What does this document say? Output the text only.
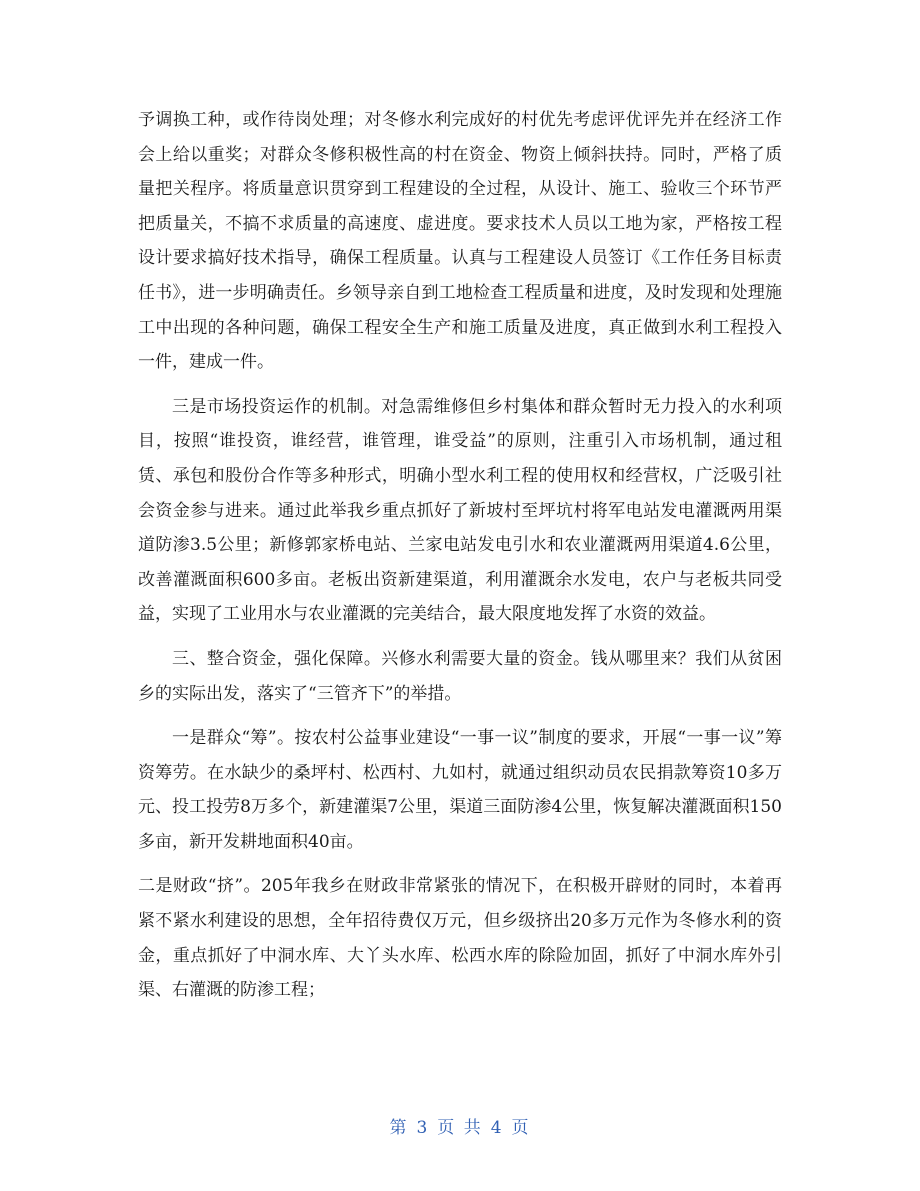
予调换工种，或作待岗处理；对冬修水利完成好的村优先考虑评优评先并在经济工作会上给以重奖；对群众冬修积极性高的村在资金、物资上倾斜扶持。同时，严格了质量把关程序。将质量意识贯穿到工程建设的全过程，从设计、施工、验收三个环节严把质量关，不搞不求质量的高速度、虚进度。要求技术人员以工地为家，严格按工程设计要求搞好技术指导，确保工程质量。认真与工程建设人员签订《工作任务目标责任书》，进一步明确责任。乡领导亲自到工地检查工程质量和进度，及时发现和处理施工中出现的各种问题，确保工程安全生产和施工质量及进度，真正做到水利工程投入一件，建成一件。

三是市场投资运作的机制。对急需维修但乡村集体和群众暂时无力投入的水利项目，按照“谁投资，谁经营，谁管理，谁受益”的原则，注重引入市场机制，通过租赁、承包和股份合作等多种形式，明确小型水利工程的使用权和经营权，广泛吸引社会资金参与进来。通过此举我乡重点抓好了新坡村至坪坑村将军电站发电灌溉两用渠道防渗3.5公里；新修郭家桥电站、兰家电站发电引水和农业灌溉两用渠道4.6公里，改善灌溉面积600多亩。老板出资新建渠道，利用灌溉余水发电，农户与老板共同受益，实现了工业用水与农业灌溉的完美结合，最大限度地发挥了水资的效益。

三、整合资金，强化保障。兴修水利需要大量的资金。钱从哪里来？我们从贫困乡的实际出发，落实了“三管齐下”的举措。

一是群众“筹”。按农村公益事业建设“一事一议”制度的要求，开展“一事一议”筹资筹劳。在水缺少的桑坪村、松西村、九如村，就通过组织动员农民捐款筹资10多万元、投工投劳8万多个，新建灌渠7公里，渠道三面防渗4公里，恢复解决灌溉面积150多亩，新开发耕地面积40亩。

二是财政“挤”。205年我乡在财政非常紧张的情况下，在积极开辟财的同时，本着再紧不紧水利建设的思想，全年招待费仅万元，但乡级挤出20多万元作为冬修水利的资金，重点抓好了中洞水库、大丫头水库、松西水库的除险加固，抓好了中洞水库外引渠、右灌溉的防渗工程；

第 3 页 共 4 页
